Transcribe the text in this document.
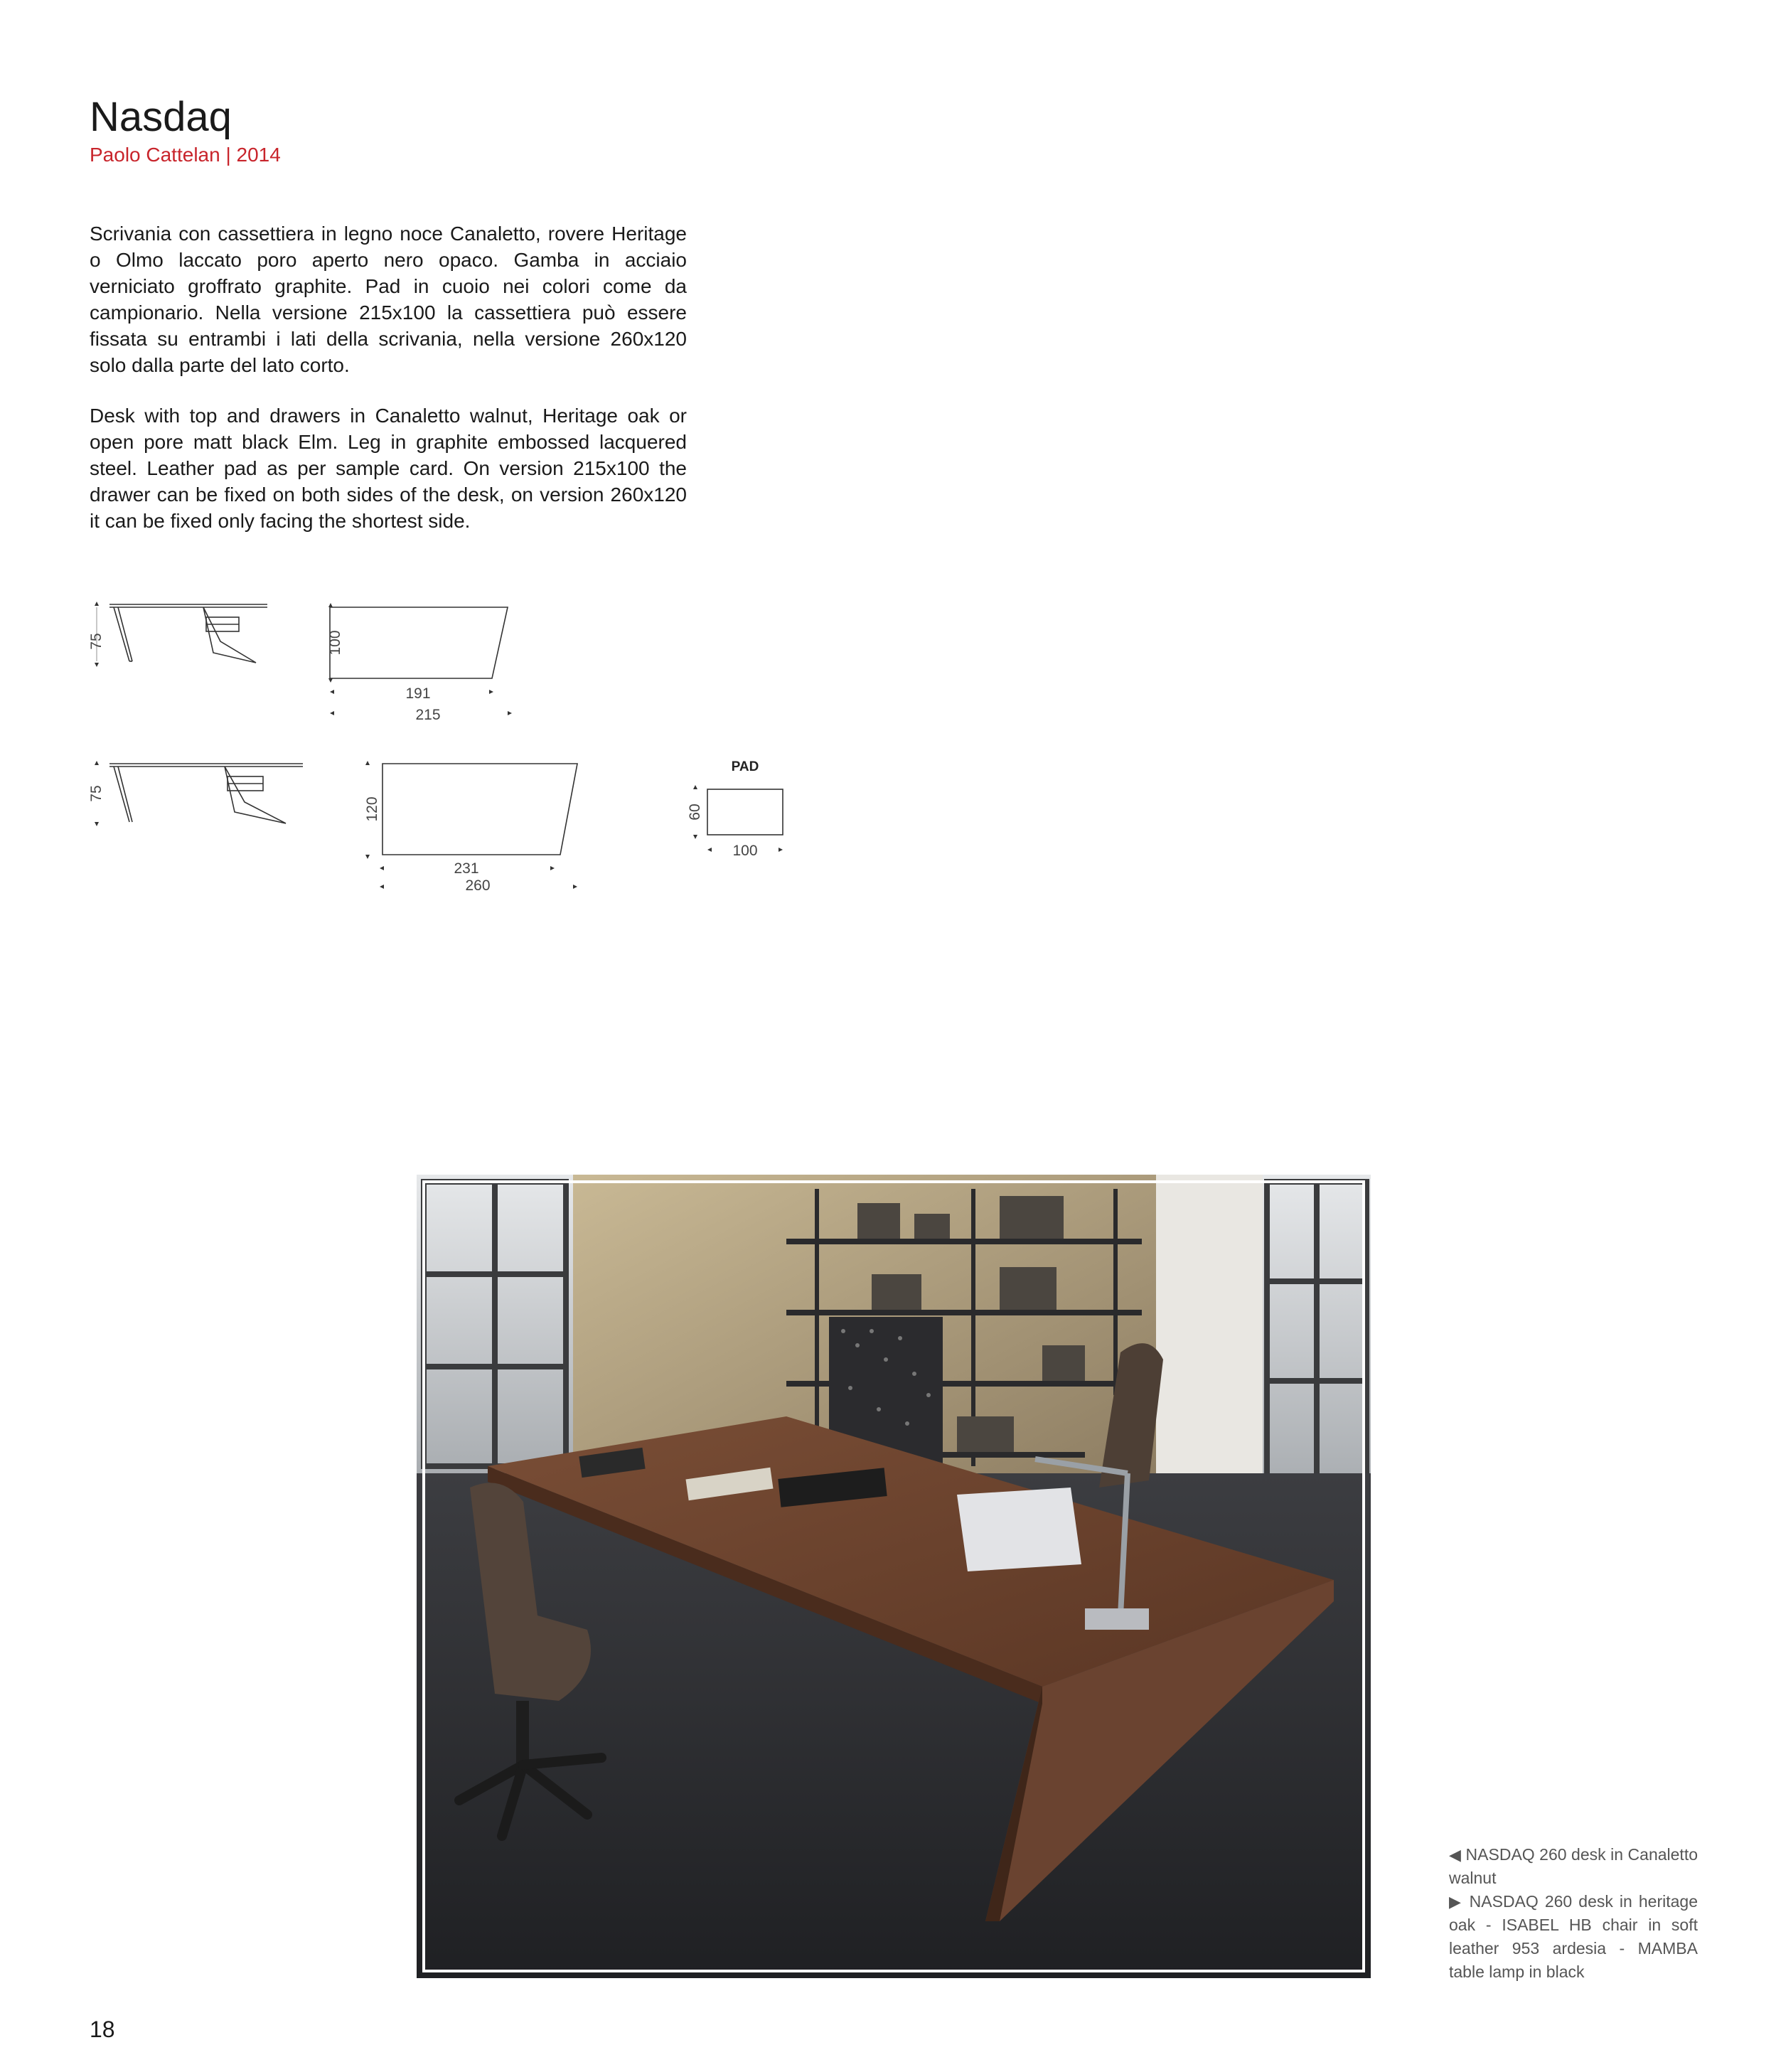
Nasdaq
Paolo Cattelan | 2014

Scrivania con cassettiera in legno noce Canaletto, rovere Heritage o Olmo laccato poro aperto nero opaco. Gamba in acciaio verniciato groffrato graphite. Pad in cuoio nei colori come da campionario. Nella versione 215x100 la cassettiera può essere fissata su entrambi i lati della scrivania, nella versione 260x120 solo dalla parte del lato corto.

Desk with top and drawers in Canaletto walnut, Heritage oak or open pore matt black Elm. Leg in graphite embossed lacquered steel. Leather pad as per sample card. On version 215x100 the drawer can be fixed on both sides of the desk, on version 260x120 it can be fixed only facing the shortest side.

75	100
191
215
75
120
231
260
PAD
60
100
◀ NASDAQ 260 desk in Canaletto walnut
▶ NASDAQ 260 desk in heritage oak - ISABEL HB chair in soft leather 953 ardesia - MAMBA table lamp in black
18
